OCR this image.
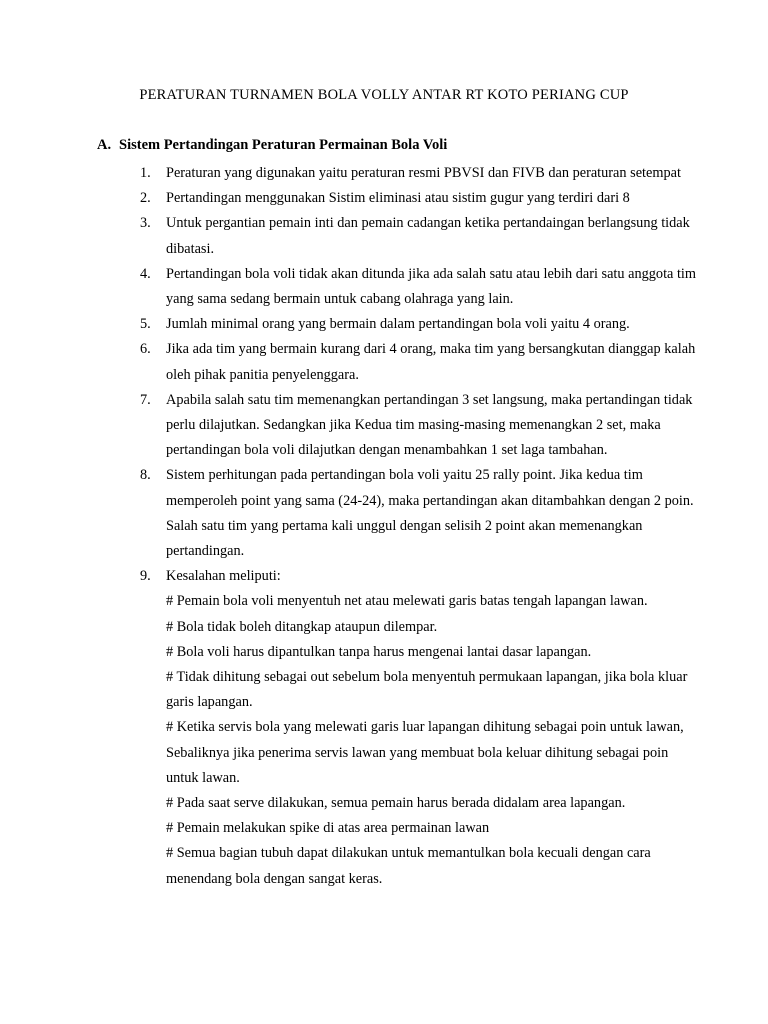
PERATURAN TURNAMEN BOLA VOLLY ANTAR RT KOTO PERIANG CUP
A. Sistem Pertandingan Peraturan Permainan Bola Voli
1.	Peraturan yang digunakan yaitu peraturan resmi PBVSI dan FIVB dan peraturan setempat
2.	Pertandingan menggunakan Sistim eliminasi atau sistim gugur yang terdiri dari 8
3.	Untuk pergantian pemain inti dan pemain cadangan ketika pertandaingan berlangsung tidak dibatasi.
4.	Pertandingan bola voli tidak akan ditunda jika ada salah satu atau lebih dari satu anggota tim yang sama sedang bermain untuk cabang olahraga yang lain.
5.	Jumlah minimal orang yang bermain dalam pertandingan bola voli yaitu 4 orang.
6.	Jika ada tim yang bermain kurang dari 4 orang, maka tim yang bersangkutan dianggap kalah oleh pihak panitia penyelenggara.
7.	Apabila salah satu tim memenangkan pertandingan 3 set langsung, maka pertandingan tidak perlu dilajutkan. Sedangkan jika Kedua tim masing-masing memenangkan 2 set, maka pertandingan bola voli dilajutkan dengan menambahkan 1 set laga tambahan.
8.	Sistem perhitungan pada pertandingan bola voli yaitu 25 rally point. Jika kedua tim memperoleh point yang sama (24-24), maka pertandingan akan ditambahkan dengan 2 poin. Salah satu tim yang pertama kali unggul dengan selisih 2 point akan memenangkan pertandingan.
9.	Kesalahan meliputi:
# Pemain bola voli menyentuh net atau melewati garis batas tengah lapangan lawan.
# Bola tidak boleh ditangkap ataupun dilempar.
# Bola voli harus dipantulkan tanpa harus mengenai lantai dasar lapangan.
# Tidak dihitung sebagai out sebelum bola menyentuh permukaan lapangan, jika bola kluar garis lapangan.
# Ketika servis bola yang melewati garis luar lapangan dihitung sebagai poin untuk lawan, Sebaliknya jika penerima servis lawan yang membuat bola keluar dihitung sebagai poin untuk lawan.
# Pada saat serve dilakukan, semua pemain harus berada didalam area lapangan.
# Pemain melakukan spike di atas area permainan lawan
# Semua bagian tubuh dapat dilakukan untuk memantulkan bola kecuali dengan cara menendang bola dengan sangat keras.
